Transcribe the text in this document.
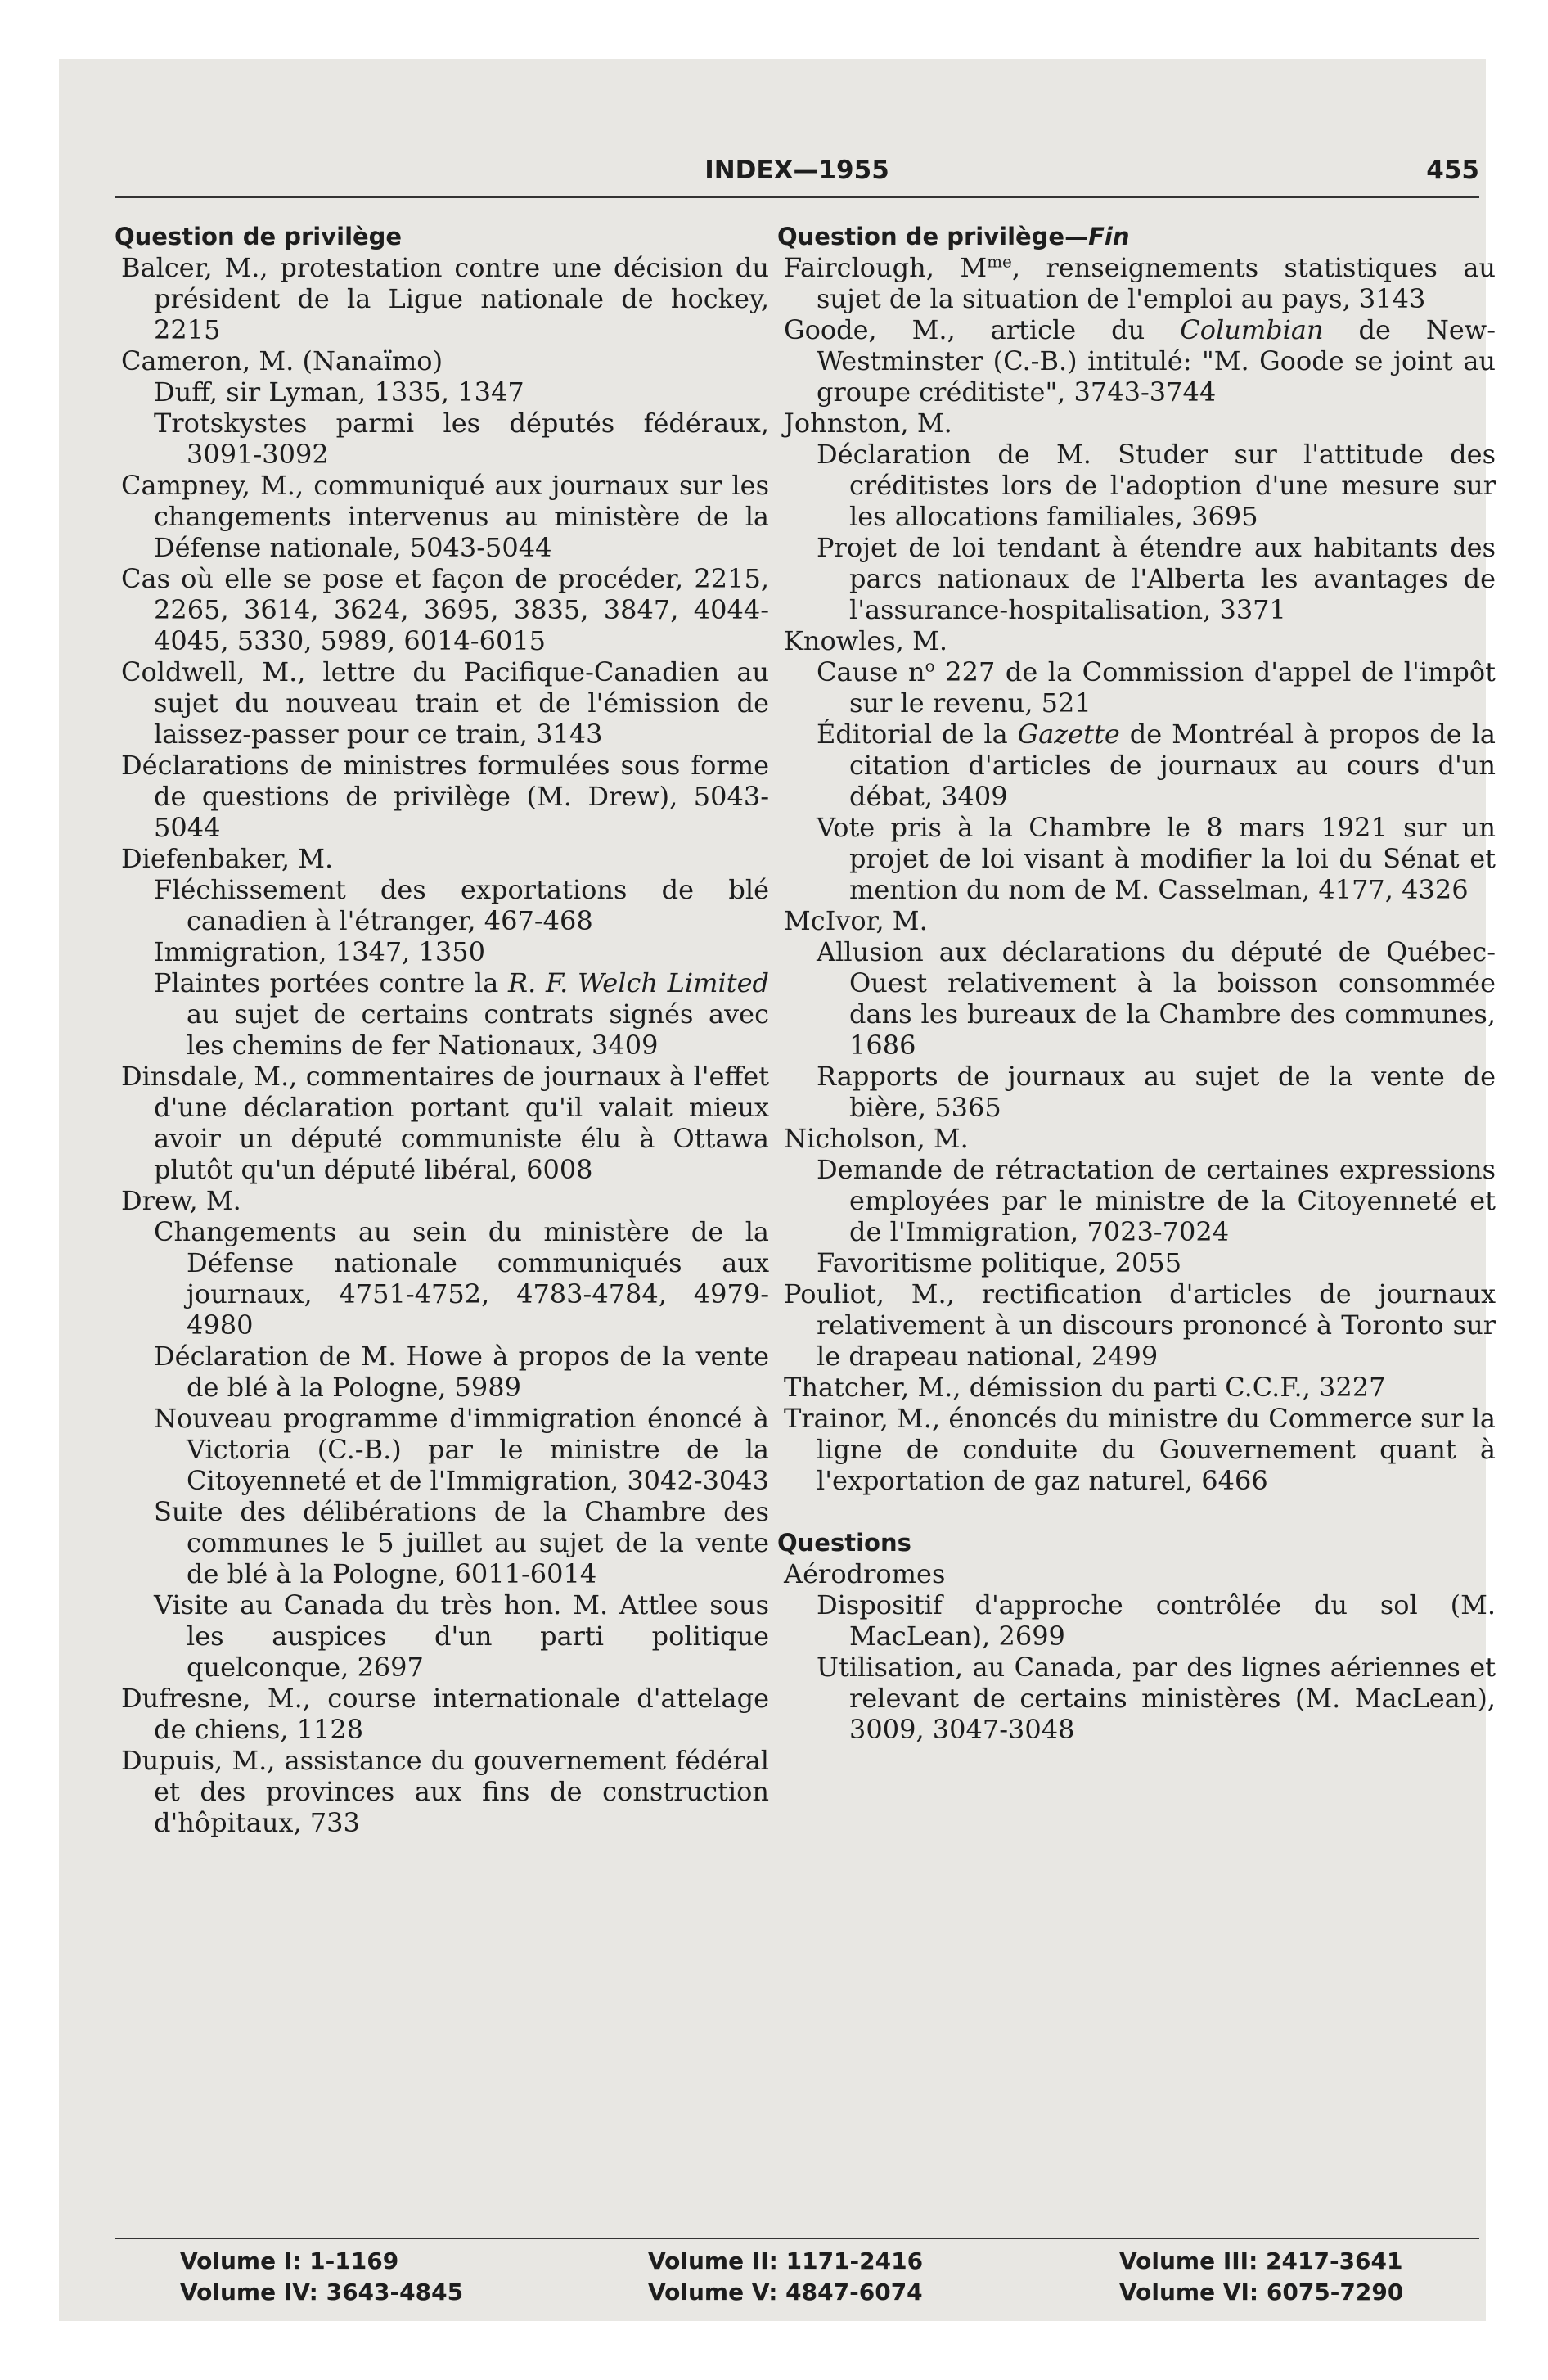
INDEX—1955	455

Question de privilège

Balcer, M., protestation contre une décision du président de la Ligue nationale de hockey, 2215

Cameron, M. (Nanaïmo)

Duff, sir Lyman, 1335, 1347

Trotskystes parmi les députés fédéraux, 3091-3092

Campney, M., communiqué aux journaux sur les changements intervenus au ministère de la Défense nationale, 5043-5044

Cas où elle se pose et façon de procéder, 2215, 2265, 3614, 3624, 3695, 3835, 3847, 4044-4045, 5330, 5989, 6014-6015

Coldwell, M., lettre du Pacifique-Canadien au sujet du nouveau train et de l'émission de laissez-passer pour ce train, 3143

Déclarations de ministres formulées sous forme de questions de privilège (M. Drew), 5043-5044

Diefenbaker, M.

Fléchissement des exportations de blé canadien à l'étranger, 467-468

Immigration, 1347, 1350

Plaintes portées contre la R. F. Welch Limited au sujet de certains contrats signés avec les chemins de fer Nationaux, 3409

Dinsdale, M., commentaires de journaux à l'effet d'une déclaration portant qu'il valait mieux avoir un député communiste élu à Ottawa plutôt qu'un député libéral, 6008

Drew, M.

Changements au sein du ministère de la Défense nationale communiqués aux journaux, 4751-4752, 4783-4784, 4979-4980

Déclaration de M. Howe à propos de la vente de blé à la Pologne, 5989

Nouveau programme d'immigration énoncé à Victoria (C.-B.) par le ministre de la Citoyenneté et de l'Immigration, 3042-3043

Suite des délibérations de la Chambre des communes le 5 juillet au sujet de la vente de blé à la Pologne, 6011-6014

Visite au Canada du très hon. M. Attlee sous les auspices d'un parti politique quelconque, 2697

Dufresne, M., course internationale d'attelage de chiens, 1128

Dupuis, M., assistance du gouvernement fédéral et des provinces aux fins de construction d'hôpitaux, 733

Question de privilège—Fin

Fairclough, M$^{me}$, renseignements statistiques au sujet de la situation de l'emploi au pays, 3143

Goode, M., article du Columbian de New-Westminster (C.-B.) intitulé: "M. Goode se joint au groupe créditiste", 3743-3744

Johnston, M.

Déclaration de M. Studer sur l'attitude des créditistes lors de l'adoption d'une mesure sur les allocations familiales, 3695

Projet de loi tendant à étendre aux habitants des parcs nationaux de l'Alberta les avantages de l'assurance-hospitalisation, 3371

Knowles, M.

Cause n$^o$ 227 de la Commission d'appel de l'impôt sur le revenu, 521

Éditorial de la Gazette de Montréal à propos de la citation d'articles de journaux au cours d'un débat, 3409

Vote pris à la Chambre le 8 mars 1921 sur un projet de loi visant à modifier la loi du Sénat et mention du nom de M. Casselman, 4177, 4326

McIvor, M.

Allusion aux déclarations du député de Québec-Ouest relativement à la boisson consommée dans les bureaux de la Chambre des communes, 1686

Rapports de journaux au sujet de la vente de bière, 5365

Nicholson, M.

Demande de rétractation de certaines expressions employées par le ministre de la Citoyenneté et de l'Immigration, 7023-7024

Favoritisme politique, 2055

Pouliot, M., rectification d'articles de journaux relativement à un discours prononcé à Toronto sur le drapeau national, 2499

Thatcher, M., démission du parti C.C.F., 3227

Trainor, M., énoncés du ministre du Commerce sur la ligne de conduite du Gouvernement quant à l'exportation de gaz naturel, 6466

Questions

Aérodromes

Dispositif d'approche contrôlée du sol (M. MacLean), 2699

Utilisation, au Canada, par des lignes aériennes et relevant de certains ministères (M. MacLean), 3009, 3047-3048

Volume I: 1-1169
Volume IV: 3643-4845
Volume II: 1171-2416
Volume V: 4847-6074
Volume III: 2417-3641
Volume VI: 6075-7290
